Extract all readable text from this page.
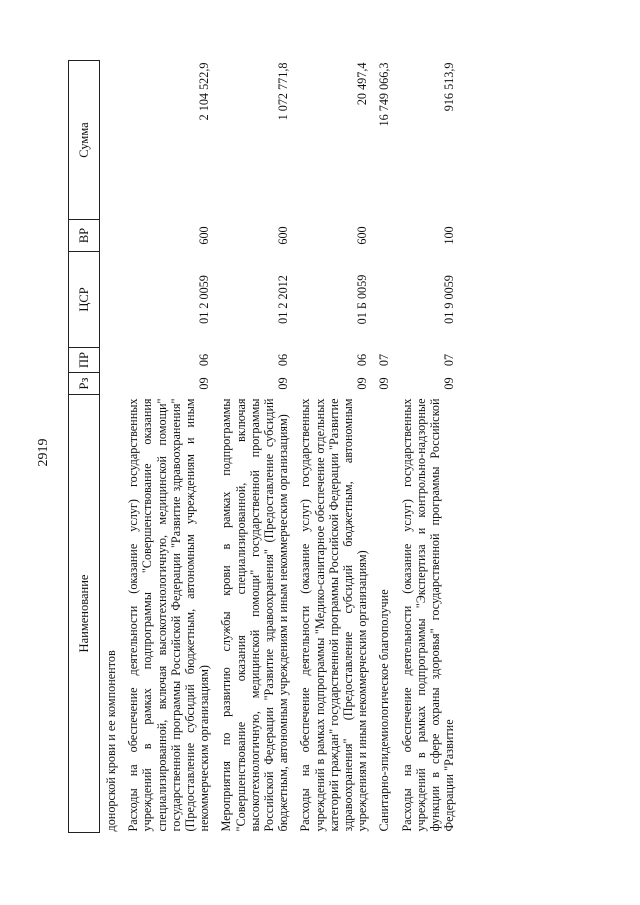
2919
Наименование	Рз	ПР	ЦСР	ВР	Сумма
донорской крови и ее компонентов					
Расходы на обеспечение деятельности (оказание услуг) государственных учреждений в рамках подпрограммы "Совершенствование оказания специализированной, включая высокотехнологичную, медицинской помощи" государственной программы Российской Федерации "Развитие здравоохранения" (Предоставление субсидий бюджетным, автономным учреждениям и иным некоммерческим организациям)	09	06	01 2 0059	600	2 104 522,9
Мероприятия по развитию службы крови в рамках подпрограммы "Совершенствование оказания специализированной, включая высокотехнологичную, медицинской помощи" государственной программы Российской Федерации "Развитие здравоохранения" (Предоставление субсидий бюджетным, автономным учреждениям и иным некоммерческим организациям)	09	06	01 2 2012	600	1 072 771,8
Расходы на обеспечение деятельности (оказание услуг) государственных учреждений в рамках подпрограммы "Медико-санитарное обеспечение отдельных категорий граждан" государственной программы Российской Федерации "Развитие здравоохранения" (Предоставление субсидий бюджетным, автономным учреждениям и иным некоммерческим организациям)	09	06	01 Б 0059	600	20 497,4
Санитарно-эпидемиологическое благополучие	09	07			16 749 066,3
Расходы на обеспечение деятельности (оказание услуг) государственных учреждений в рамках подпрограммы "Экспертиза и контрольно-надзорные функции в сфере охраны здоровья" государственной программы Российской Федерации "Развитие	09	07	01 9 0059	100	916 513,9
